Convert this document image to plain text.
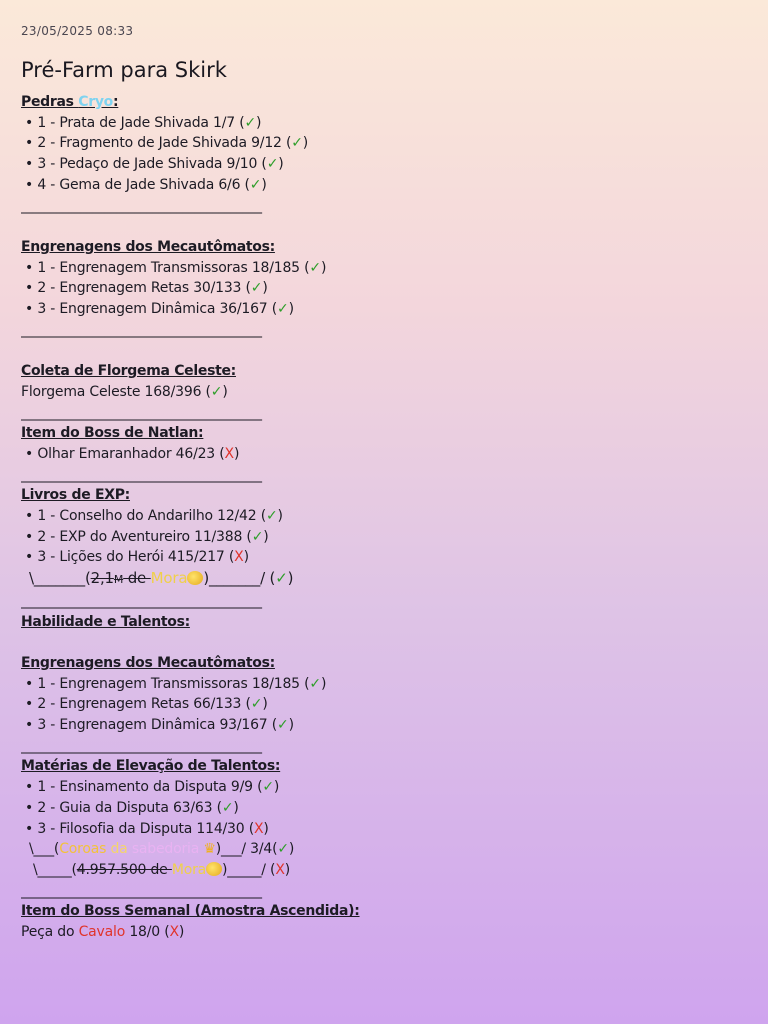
23/05/2025 08:33
Pré-Farm para Skirk
Pedras Cryo:
• 1 - Prata de Jade Shivada 1/7 (✓)
• 2 - Fragmento de Jade Shivada 9/12 (✓)
• 3 - Pedaço de Jade Shivada 9/10 (✓)
• 4 - Gema de Jade Shivada 6/6 (✓)
________________________________________
Engrenagens dos Mecautômatos:
• 1 - Engrenagem Transmissoras 18/185 (✓)
• 2 - Engrenagem Retas 30/133 (✓)
• 3 - Engrenagem Dinâmica 36/167 (✓)
________________________________________
Coleta de Florgema Celeste:
Florgema Celeste 168/396 (✓)
________________________________________
Item do Boss de Natlan:
• Olhar Emaranhador 46/23 (X)
________________________________________
Livros de EXP:
• 1 - Conselho do Andarilho 12/42 (✓)
• 2 - EXP do Aventureiro 11/388 (✓)
• 3 - Lições do Herói 415/217 (X)
\_______(2,1M de Mora )_______/ (✓)
________________________________________
Habilidade e Talentos:
Engrenagens dos Mecautômatos:
• 1 - Engrenagem Transmissoras 18/185 (✓)
• 2 - Engrenagem Retas 66/133 (✓)
• 3 - Engrenagem Dinâmica 93/167 (✓)
________________________________________
Matérias de Elevação de Talentos:
• 1 - Ensinamento da Disputa 9/9 (✓)
• 2 - Guia da Disputa 63/63 (✓)
• 3 - Filosofia da Disputa 114/30 (X)
\___(Coroas da sabedoria ♛)___/ 3/4(✓)
\_____(4.957.500 de Mora )_____/ (X)
________________________________________
Item do Boss Semanal (Amostra Ascendida):
Peça do Cavalo 18/0 (X)
